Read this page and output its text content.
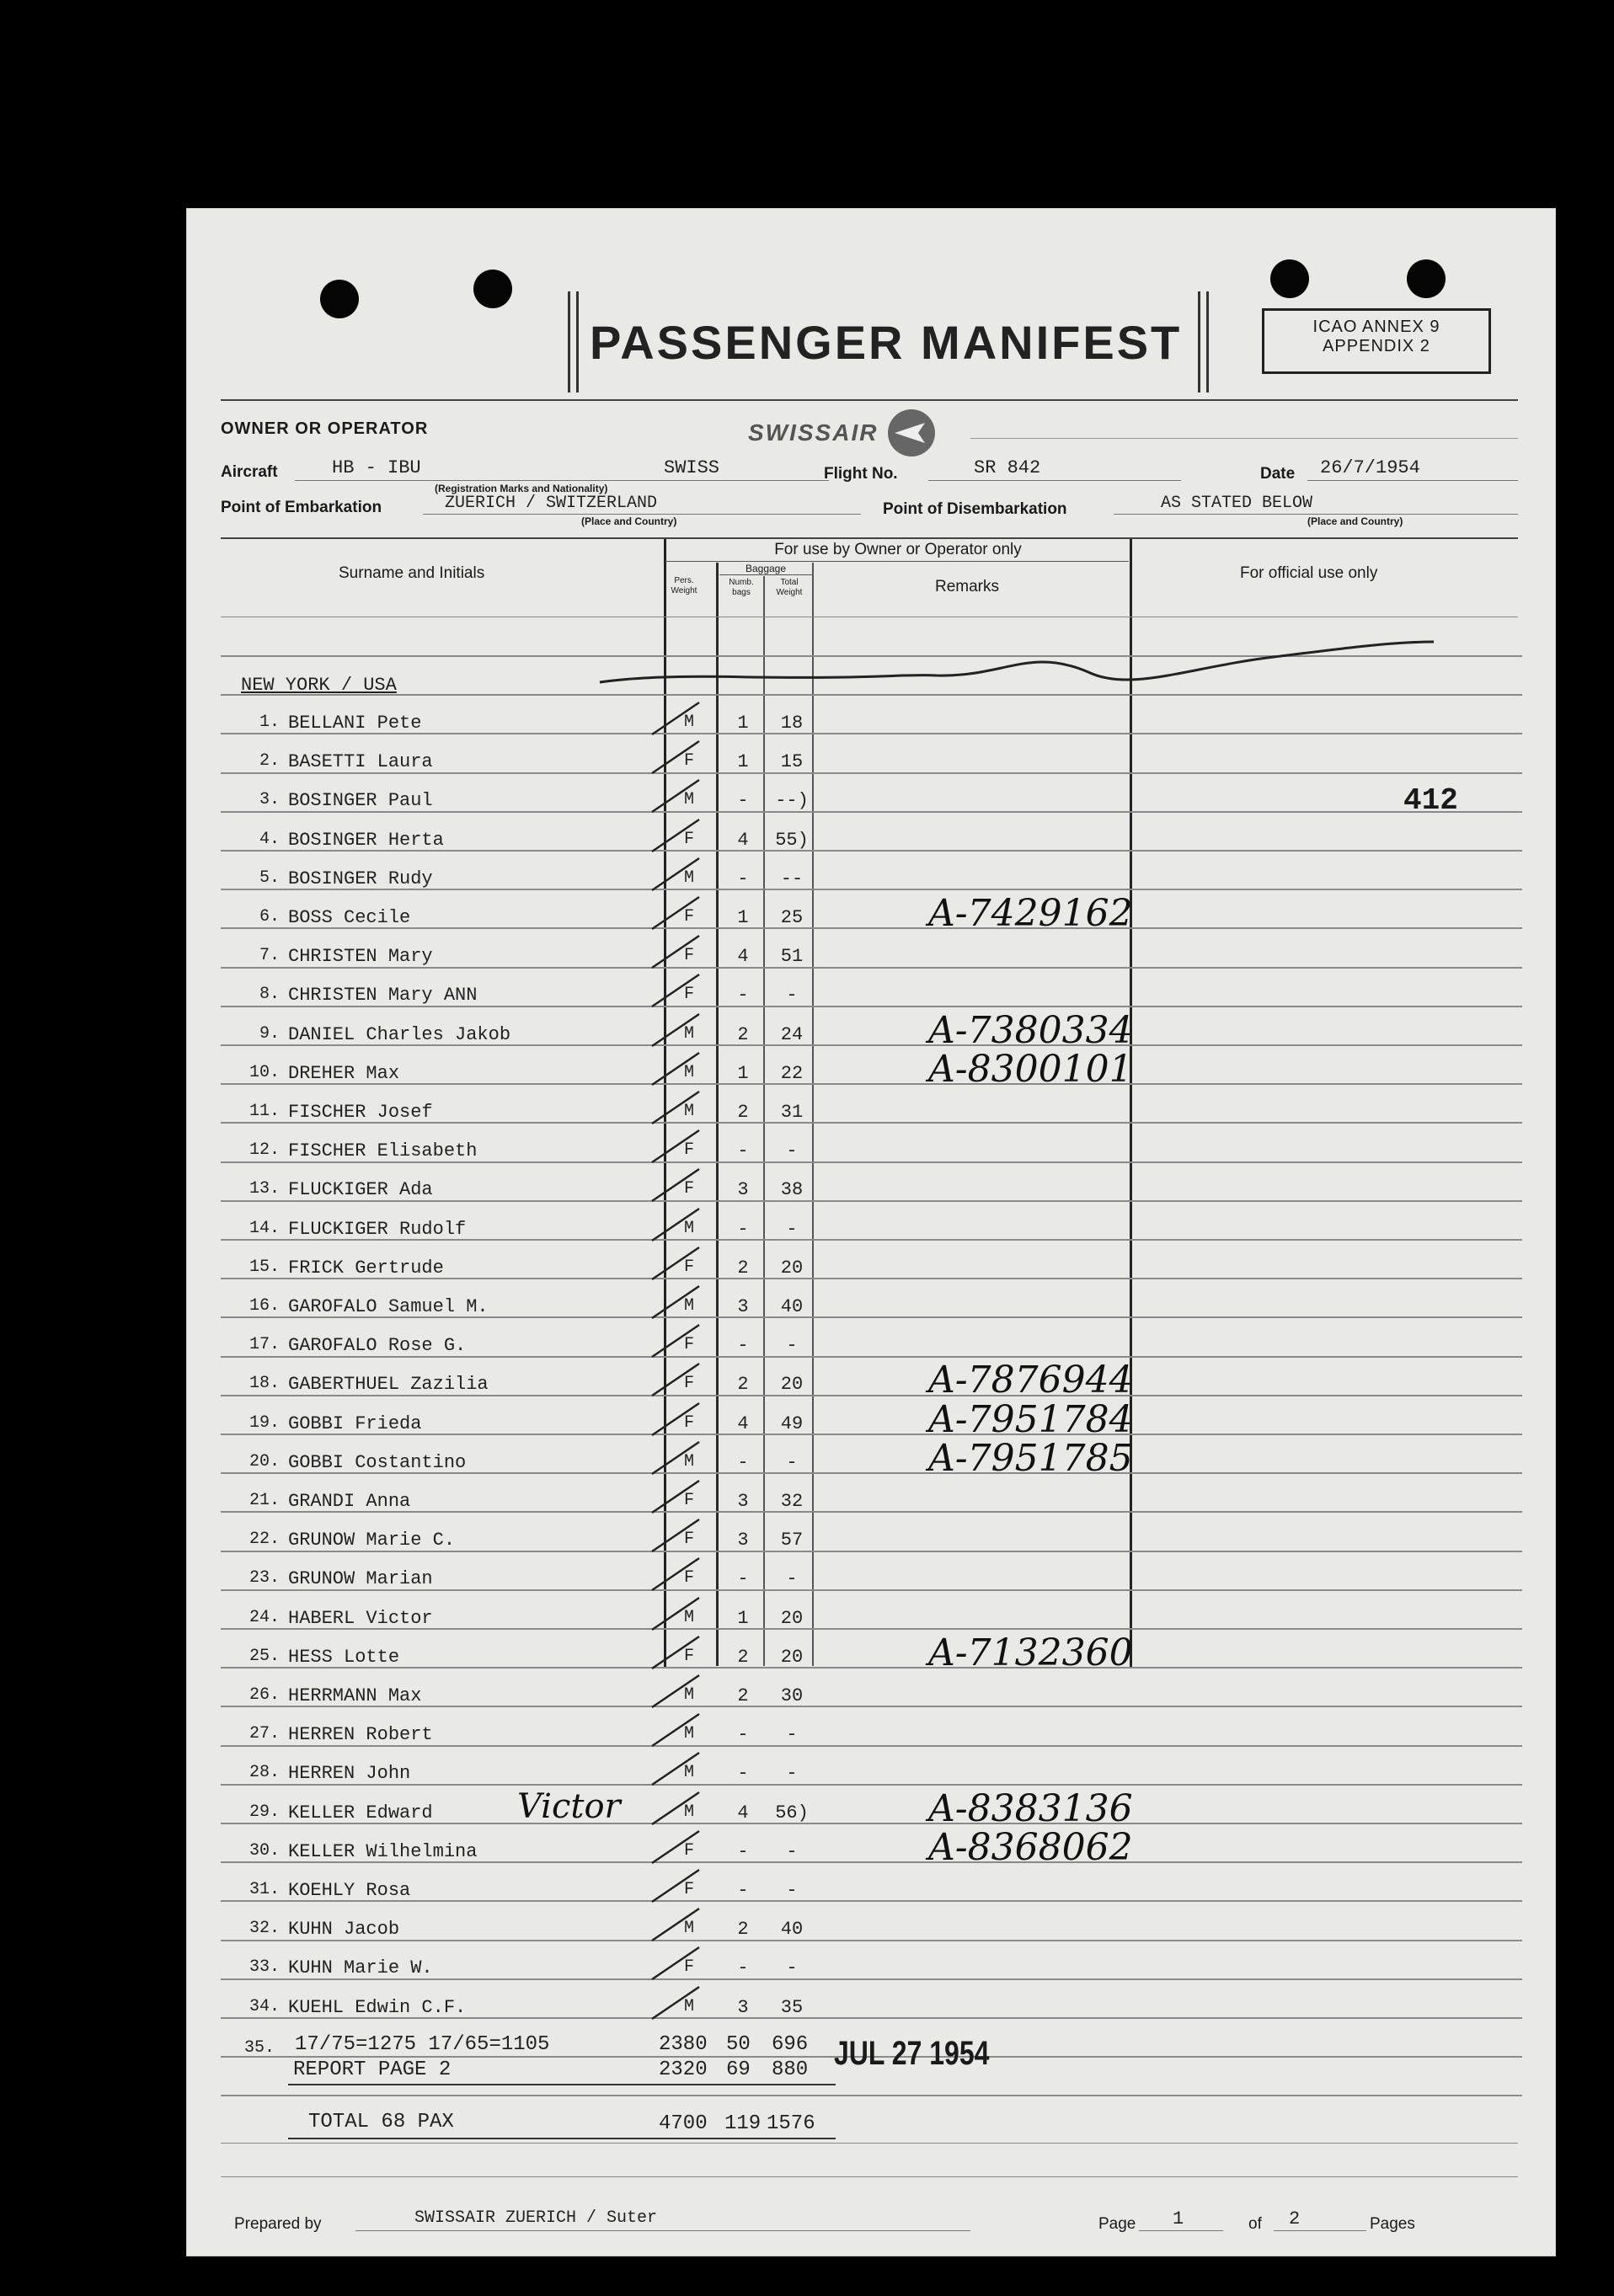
PASSENGER MANIFEST	ICAO ANNEX 9
APPENDIX 2
OWNER OR OPERATOR	SWISSAIR
Aircraft	HB - IBU	SWISS
(Registration Marks and Nationality)
Flight No.	SR 842	Date 26/7/1954
Point of Embarkation	ZUERICH / SWITZERLAND
(Place and Country)
Point of Disembarkation	AS STATED BELOW
(Place and Country)
For use by Owner or Operator only
Surname and Initials	Pers. Weight
Baggage
Numb. bags
Total Weight	Remarks
For official use only
NEW YORK / USA
412
1. BELLANI Pete	M	1	18
2. BASETTI Laura	F	1	15
3. BOSINGER Paul	M	-	--)
4. BOSINGER Herta	F	4	55)
5. BOSINGER Rudy	M	-	--
6. BOSS Cecile	F	1	25	A-7429162
7. CHRISTEN Mary	F	4	51
8. CHRISTEN Mary ANN	F	-	-
9. DANIEL Charles Jakob	M	2	24	A-7380334
10. DREHER Max	M	1	22	A-8300101
11. FISCHER Josef	M	2	31
12. FISCHER Elisabeth	F	-	-
13. FLUCKIGER Ada	F	3	38
14. FLUCKIGER Rudolf	M	-	-
15. FRICK Gertrude	F	2	20
16. GAROFALO Samuel M.	M	3	40
17. GAROFALO Rose G.	F	-	-
18. GABERTHUEL Zazilia	F	2	20	A-7876944
19. GOBBI Frieda	F	4	49	A-7951784
20. GOBBI Costantino	M	-	-	A-7951785
21. GRANDI Anna	F	3	32
22. GRUNOW Marie C.	F	3	57
23. GRUNOW Marian	F	-	-
24. HABERL Victor	M	1	20
25. HESS Lotte	F	2	20	A-7132360
26. HERRMANN Max	M	2	30
27. HERREN Robert	M	-	-
28. HERREN John	M	-	-
29. KELLER Edward	M	4	56)	A-8383136
30. KELLER Wilhelmina	F	-	-	A-8368062
31. KOEHLY Rosa	F	-	-
32. KUHN Jacob	M	2	40
33. KUHN Marie W.	F	-	-
34. KUEHL Edwin C.F.	M	3	35
Victor
35. 17/75=1275 17/65=1105	2380 50 696 JUL 27 1954
REPORT PAGE 2	2320 69 880
TOTAL 68 PAX	4700 119 1576
Prepared by	SWISSAIR ZUERICH / Suter	Page 1	of 2	Pages
